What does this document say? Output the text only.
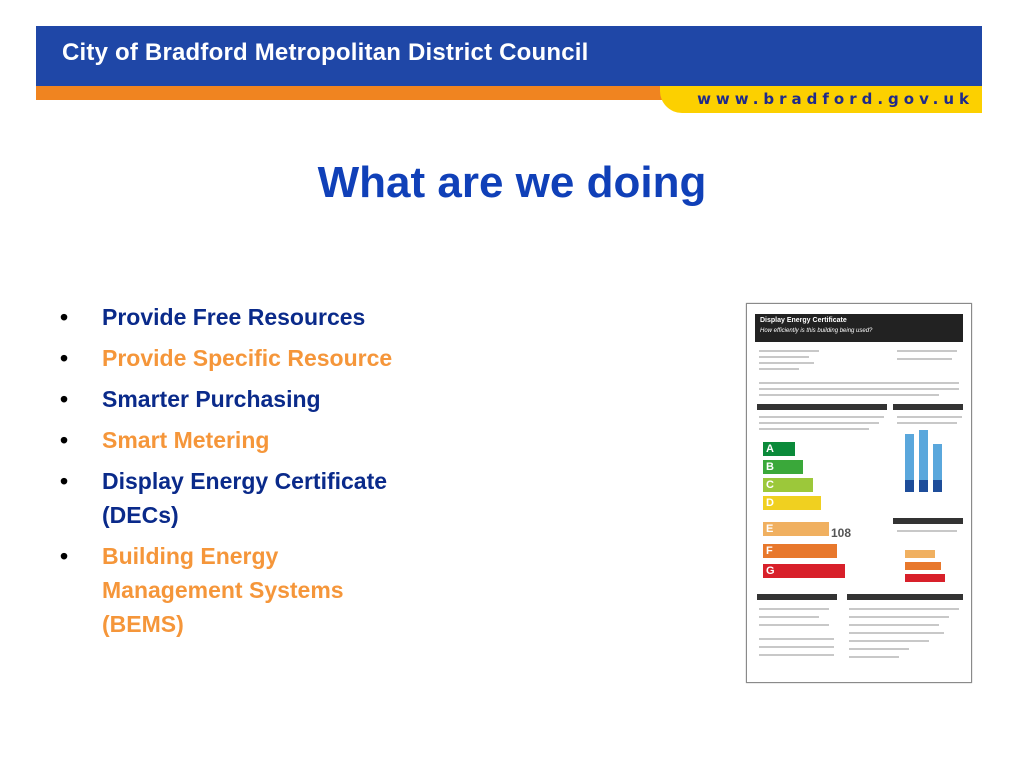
City of Bradford Metropolitan District Council
www.bradford.gov.uk
What are we doing
• Provide Free Resources
• Provide Specific Resource
• Smarter Purchasing
• Smart Metering
• Display Energy Certificate (DECs)
• Building Energy Management Systems (BEMS)
Display Energy Certificate
How efficiently is this building being used?
A
B
C
D
E
F
G
108
